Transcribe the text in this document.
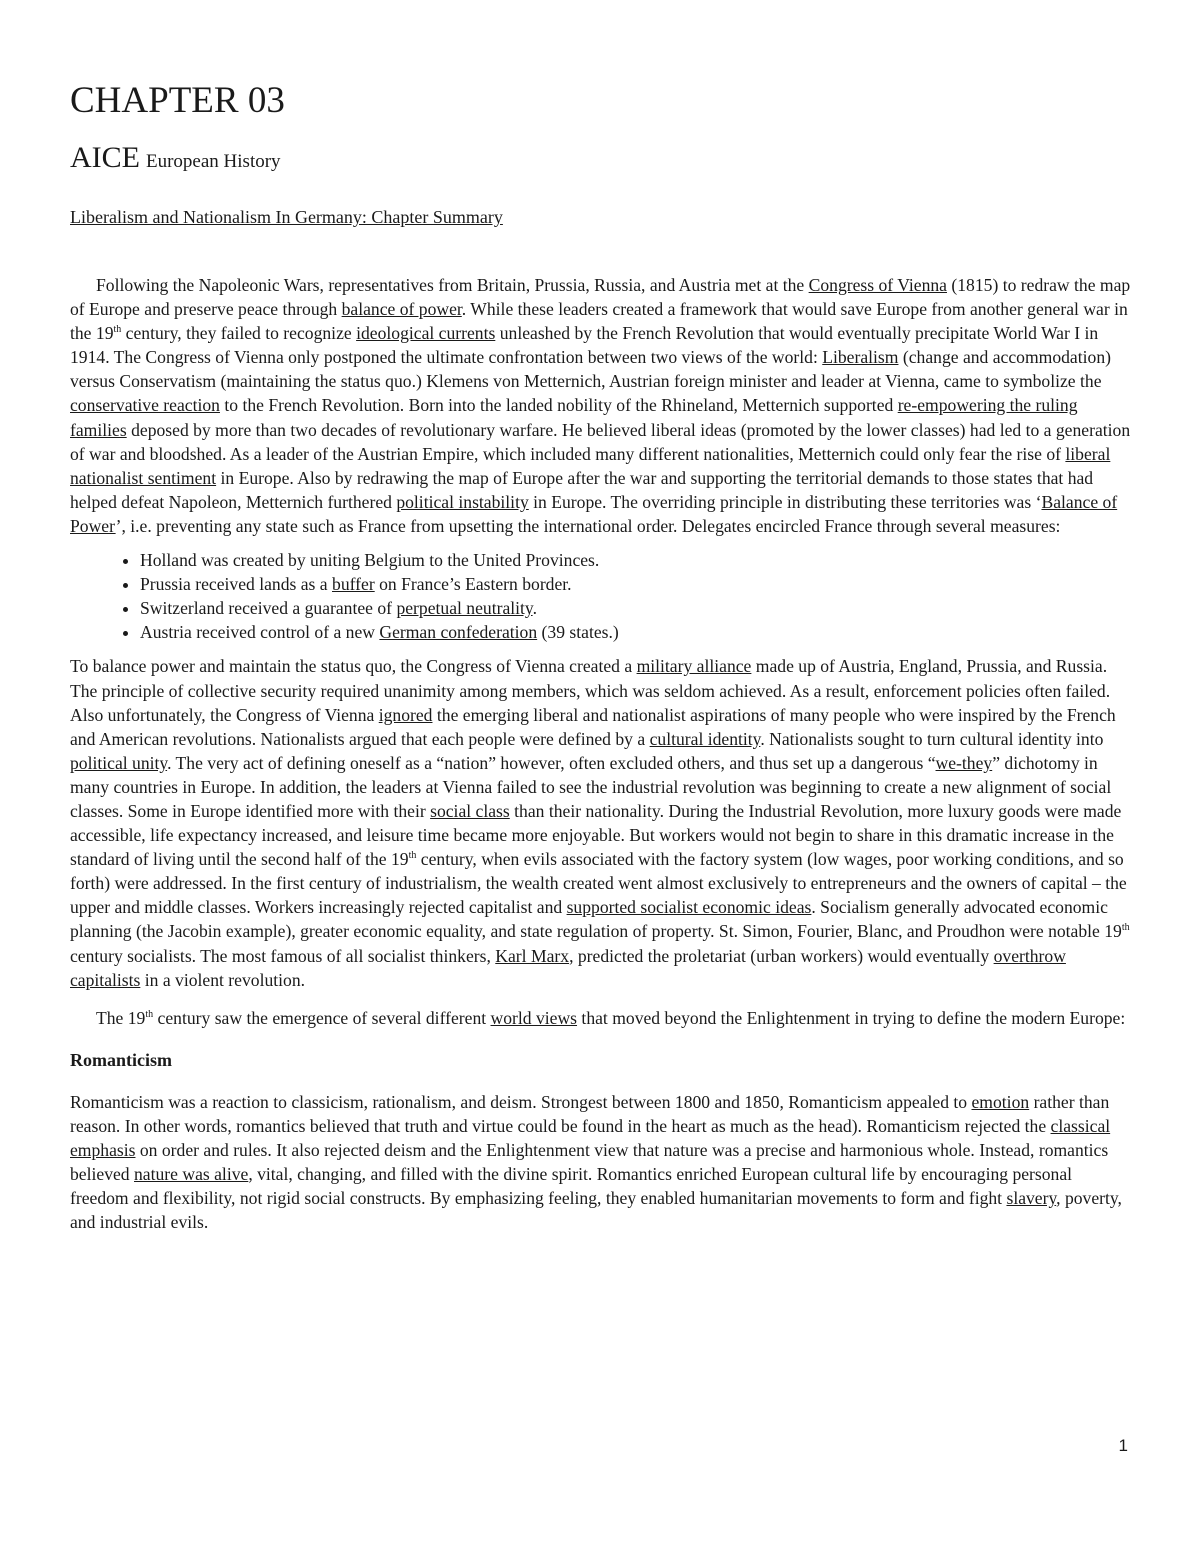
CHAPTER 03
AICE European History
Liberalism and Nationalism In Germany: Chapter Summary

Following the Napoleonic Wars, representatives from Britain, Prussia, Russia, and Austria met at the Congress of Vienna (1815) to redraw the map of Europe and preserve peace through balance of power. While these leaders created a framework that would save Europe from another general war in the 19th century, they failed to recognize ideological currents unleashed by the French Revolution that would eventually precipitate World War I in 1914. The Congress of Vienna only postponed the ultimate confrontation between two views of the world: Liberalism (change and accommodation) versus Conservatism (maintaining the status quo.) Klemens von Metternich, Austrian foreign minister and leader at Vienna, came to symbolize the conservative reaction to the French Revolution. Born into the landed nobility of the Rhineland, Metternich supported re-empowering the ruling families deposed by more than two decades of revolutionary warfare. He believed liberal ideas (promoted by the lower classes) had led to a generation of war and bloodshed. As a leader of the Austrian Empire, which included many different nationalities, Metternich could only fear the rise of liberal nationalist sentiment in Europe. Also by redrawing the map of Europe after the war and supporting the territorial demands to those states that had helped defeat Napoleon, Metternich furthered political instability in Europe. The overriding principle in distributing these territories was ‘Balance of Power’, i.e. preventing any state such as France from upsetting the international order. Delegates encircled France through several measures:

• Holland was created by uniting Belgium to the United Provinces.
• Prussia received lands as a buffer on France’s Eastern border.
• Switzerland received a guarantee of perpetual neutrality.
• Austria received control of a new German confederation (39 states.)

To balance power and maintain the status quo, the Congress of Vienna created a military alliance made up of Austria, England, Prussia, and Russia. The principle of collective security required unanimity among members, which was seldom achieved. As a result, enforcement policies often failed. Also unfortunately, the Congress of Vienna ignored the emerging liberal and nationalist aspirations of many people who were inspired by the French and American revolutions. Nationalists argued that each people were defined by a cultural identity. Nationalists sought to turn cultural identity into political unity. The very act of defining oneself as a “nation” however, often excluded others, and thus set up a dangerous “we-they” dichotomy in many countries in Europe. In addition, the leaders at Vienna failed to see the industrial revolution was beginning to create a new alignment of social classes. Some in Europe identified more with their social class than their nationality. During the Industrial Revolution, more luxury goods were made accessible, life expectancy increased, and leisure time became more enjoyable. But workers would not begin to share in this dramatic increase in the standard of living until the second half of the 19th century, when evils associated with the factory system (low wages, poor working conditions, and so forth) were addressed. In the first century of industrialism, the wealth created went almost exclusively to entrepreneurs and the owners of capital – the upper and middle classes. Workers increasingly rejected capitalist and supported socialist economic ideas. Socialism generally advocated economic planning (the Jacobin example), greater economic equality, and state regulation of property. St. Simon, Fourier, Blanc, and Proudhon were notable 19th century socialists. The most famous of all socialist thinkers, Karl Marx, predicted the proletariat (urban workers) would eventually overthrow capitalists in a violent revolution.

The 19th century saw the emergence of several different world views that moved beyond the Enlightenment in trying to define the modern Europe:

Romanticism

Romanticism was a reaction to classicism, rationalism, and deism. Strongest between 1800 and 1850, Romanticism appealed to emotion rather than reason. In other words, romantics believed that truth and virtue could be found in the heart as much as the head). Romanticism rejected the classical emphasis on order and rules. It also rejected deism and the Enlightenment view that nature was a precise and harmonious whole. Instead, romantics believed nature was alive, vital, changing, and filled with the divine spirit. Romantics enriched European cultural life by encouraging personal freedom and flexibility, not rigid social constructs. By emphasizing feeling, they enabled humanitarian movements to form and fight slavery, poverty, and industrial evils.

1
